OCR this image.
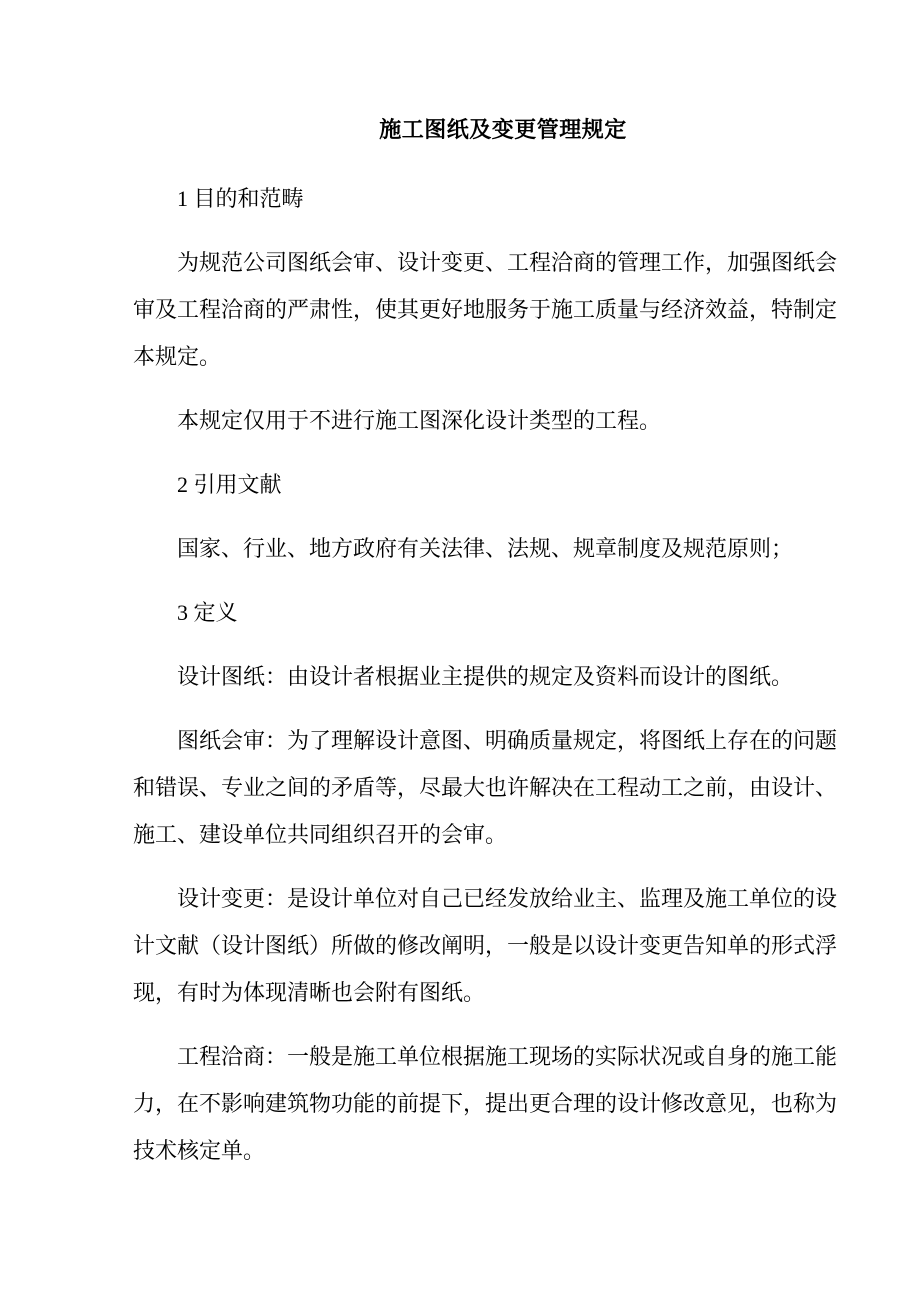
施工图纸及变更管理规定
1 目的和范畴
为规范公司图纸会审、设计变更、工程洽商的管理工作，加强图纸会
审及工程洽商的严肃性，使其更好地服务于施工质量与经济效益，特制定
本规定。
本规定仅用于不进行施工图深化设计类型的工程。
2 引用文献
国家、行业、地方政府有关法律、法规、规章制度及规范原则；
3 定义
设计图纸：由设计者根据业主提供的规定及资料而设计的图纸。
图纸会审：为了理解设计意图、明确质量规定，将图纸上存在的问题
和错误、专业之间的矛盾等，尽最大也许解决在工程动工之前，由设计、
施工、建设单位共同组织召开的会审。
设计变更：是设计单位对自己已经发放给业主、监理及施工单位的设
计文献（设计图纸）所做的修改阐明，一般是以设计变更告知单的形式浮
现，有时为体现清晰也会附有图纸。
工程洽商：一般是施工单位根据施工现场的实际状况或自身的施工能
力，在不影响建筑物功能的前提下，提出更合理的设计修改意见，也称为
技术核定单。
